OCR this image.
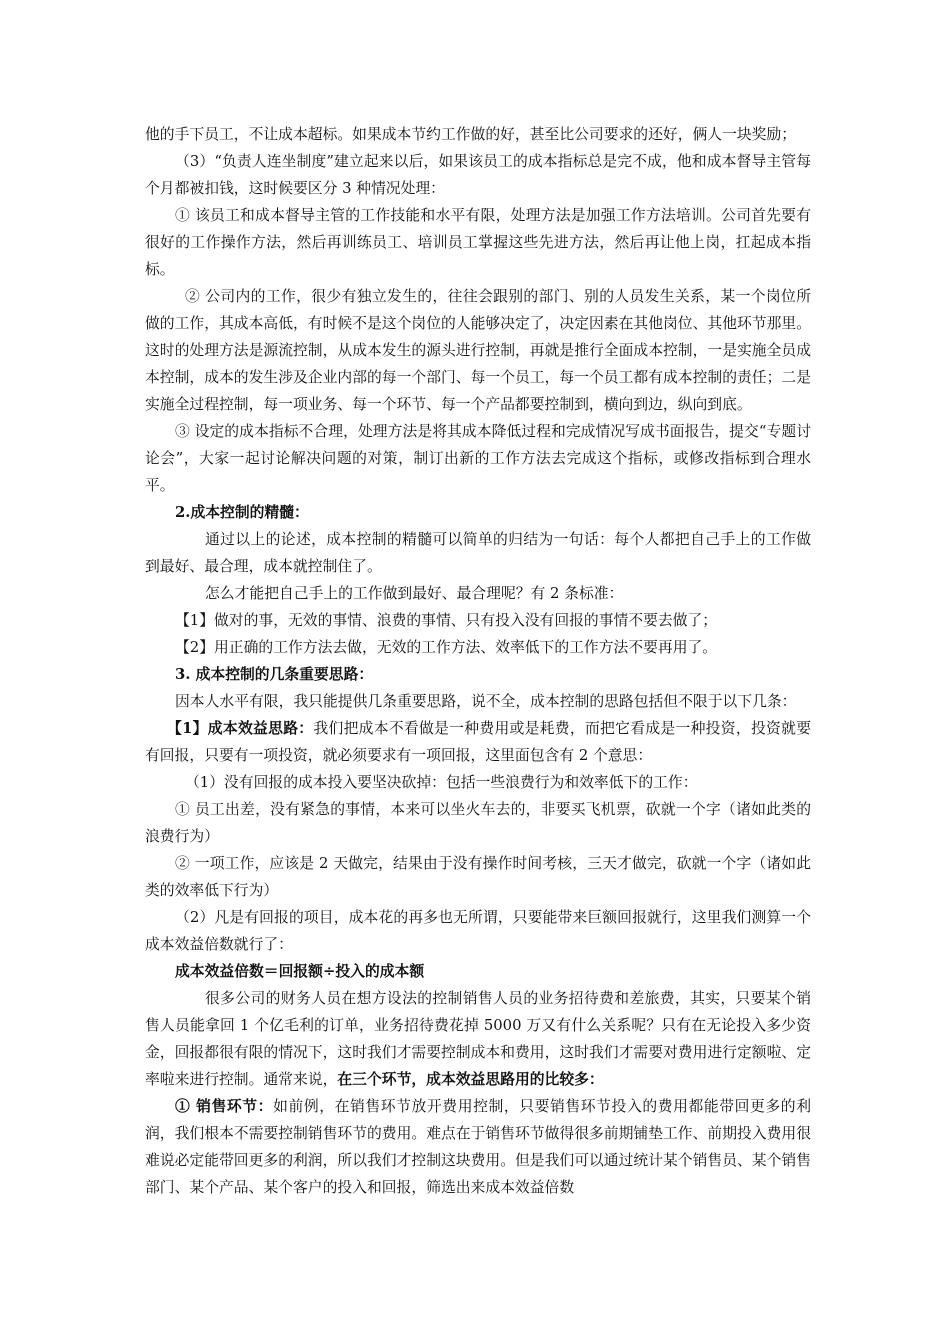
他的手下员工，不让成本超标。如果成本节约工作做的好，甚至比公司要求的还好，俩人一块奖励；

（3）“负责人连坐制度”建立起来以后，如果该员工的成本指标总是完不成，他和成本督导主管每个月都被扣钱，这时候要区分 3 种情况处理：

① 该员工和成本督导主管的工作技能和水平有限，处理方法是加强工作方法培训。公司首先要有很好的工作操作方法，然后再训练员工、培训员工掌握这些先进方法，然后再让他上岗，扛起成本指标。

② 公司内的工作，很少有独立发生的，往往会跟别的部门、别的人员发生关系，某一个岗位所做的工作，其成本高低，有时候不是这个岗位的人能够决定了，决定因素在其他岗位、其他环节那里。这时的处理方法是源流控制，从成本发生的源头进行控制，再就是推行全面成本控制，一是实施全员成本控制，成本的发生涉及企业内部的每一个部门、每一个员工，每一个员工都有成本控制的责任；二是实施全过程控制，每一项业务、每一个环节、每一个产品都要控制到，横向到边，纵向到底。

③ 设定的成本指标不合理，处理方法是将其成本降低过程和完成情况写成书面报告，提交“专题讨论会”，大家一起讨论解决问题的对策，制订出新的工作方法去完成这个指标，或修改指标到合理水平。

2.成本控制的精髓：

通过以上的论述，成本控制的精髓可以简单的归结为一句话：每个人都把自己手上的工作做到最好、最合理，成本就控制住了。

怎么才能把自己手上的工作做到最好、最合理呢？有 2 条标准：

【1】做对的事，无效的事情、浪费的事情、只有投入没有回报的事情不要去做了；

【2】用正确的工作方法去做，无效的工作方法、效率低下的工作方法不要再用了。

3. 成本控制的几条重要思路：

因本人水平有限，我只能提供几条重要思路，说不全，成本控制的思路包括但不限于以下几条：

【1】成本效益思路：我们把成本不看做是一种费用或是耗费，而把它看成是一种投资，投资就要有回报，只要有一项投资，就必须要求有一项回报，这里面包含有 2 个意思：

（1）没有回报的成本投入要坚决砍掉：包括一些浪费行为和效率低下的工作：

① 员工出差，没有紧急的事情，本来可以坐火车去的，非要买飞机票，砍就一个字（诸如此类的浪费行为）

② 一项工作，应该是 2 天做完，结果由于没有操作时间考核，三天才做完，砍就一个字（诸如此类的效率低下行为）

（2）凡是有回报的项目，成本花的再多也无所谓，只要能带来巨额回报就行，这里我们测算一个成本效益倍数就行了：

成本效益倍数＝回报额÷投入的成本额

很多公司的财务人员在想方设法的控制销售人员的业务招待费和差旅费，其实，只要某个销售人员能拿回 1 个亿毛利的订单，业务招待费花掉 5000 万又有什么关系呢？只有在无论投入多少资金，回报都很有限的情况下，这时我们才需要控制成本和费用，这时我们才需要对费用进行定额啦、定率啦来进行控制。通常来说，在三个环节，成本效益思路用的比较多：

① 销售环节：如前例，在销售环节放开费用控制，只要销售环节投入的费用都能带回更多的利润，我们根本不需要控制销售环节的费用。难点在于销售环节做得很多前期铺垫工作、前期投入费用很难说必定能带回更多的利润，所以我们才控制这块费用。但是我们可以通过统计某个销售员、某个销售部门、某个产品、某个客户的投入和回报，筛选出来成本效益倍数
